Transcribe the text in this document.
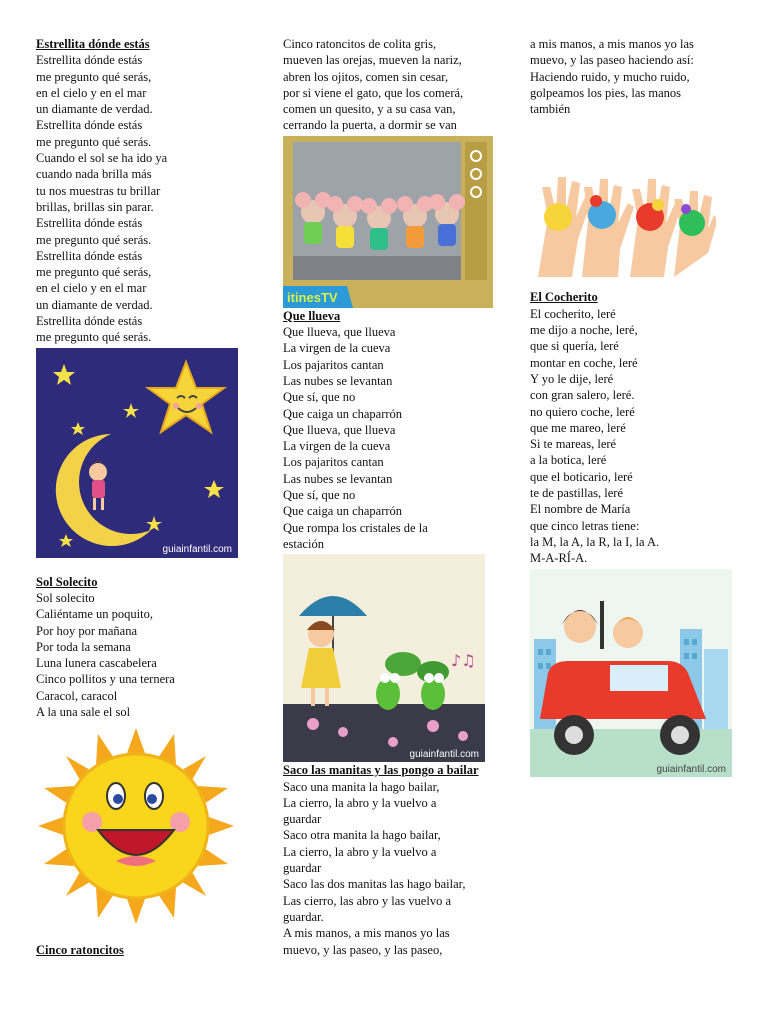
Estrellita dónde estás
Estrellita dónde estás
me pregunto qué serás,
en el cielo y en el mar
un diamante de verdad.
Estrellita dónde estás
me pregunto qué serás.
Cuando el sol se ha ido ya
cuando nada brilla más
tu nos muestras tu brillar
brillas, brillas sin parar.
Estrellita dónde estás
me pregunto qué serás.
Estrellita dónde estás
me pregunto qué serás,
en el cielo y en el mar
un diamante de verdad.
Estrellita dónde estás
me pregunto qué serás.
guiainfantil.com
Sol Solecito
Sol solecito
Caliéntame un poquito,
Por hoy por mañana
Por toda la semana
Luna lunera cascabelera
Cinco pollitos y una ternera
Caracol, caracol
A la una sale el sol
Cinco ratoncitos
Cinco ratoncitos de colita gris,
mueven las orejas, mueven la nariz,
abren los ojitos, comen sin cesar,
por si viene el gato, que los comerá,
comen un quesito, y a su casa van,
cerrando la puerta, a dormir se van
itinesTV
Que llueva
Que llueva, que llueva
La virgen de la cueva
Los pajaritos cantan
Las nubes se levantan
Que sí, que no
Que caiga un chaparrón
Que llueva, que llueva
La virgen de la cueva
Los pajaritos cantan
Las nubes se levantan
Que sí, que no
Que caiga un chaparrón
Que rompa los cristales de la
estación
♪♫
guiainfantil.com
Saco las manitas y las pongo a bailar
Saco una manita la hago bailar,
La cierro, la abro y la vuelvo a
guardar
Saco otra manita la hago bailar,
La cierro, la abro y la vuelvo a
guardar
Saco las dos manitas las hago bailar,
Las cierro, las abro y las vuelvo a
guardar.
A mis manos, a mis manos yo las
muevo, y las paseo, y las paseo,
a mis manos, a mis manos yo las
muevo, y las paseo haciendo así:
Haciendo ruido, y mucho ruido,
golpeamos los pies, las manos
también
El Cocherito
El cocherito, leré
me dijo a noche, leré,
que si quería, leré
montar en coche, leré
Y yo le dije, leré
con gran salero, leré.
no quiero coche, leré
que me mareo, leré
Si te mareas, leré
a la botica, leré
que el boticario, leré
te de pastillas, leré
El nombre de María
que cinco letras tiene:
la M, la A, la R, la I, la A.
M-A-RÍ-A.
guiainfantil.com
